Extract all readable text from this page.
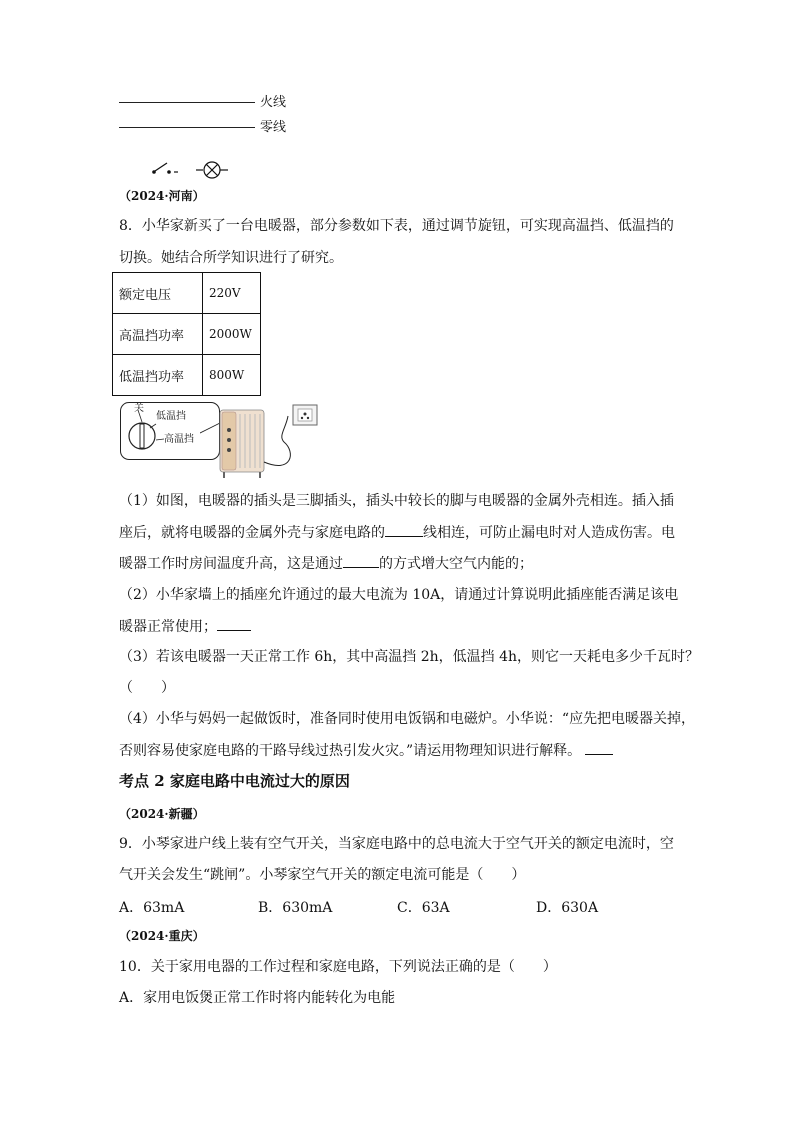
火线
零线
（2024·河南）
8．小华家新买了一台电暖器，部分参数如下表，通过调节旋钮，可实现高温挡、低温挡的
切换。她结合所学知识进行了研究。
额定电压	220V
高温挡功率	2000W
低温挡功率	800W
关
低温挡
高温挡
（1）如图，电暖器的插头是三脚插头，插头中较长的脚与电暖器的金属外壳相连。插入插
座后，就将电暖器的金属外壳与家庭电路的	线相连，可防止漏电时对人造成伤害。电
暖器工作时房间温度升高，这是通过	的方式增大空气内能的；
（2）小华家墙上的插座允许通过的最大电流为 10A，请通过计算说明此插座能否满足该电
暖器正常使用；
（3）若该电暖器一天正常工作 6h，其中高温挡 2h，低温挡 4h，则它一天耗电多少千瓦时？
（　　）
（4）小华与妈妈一起做饭时，准备同时使用电饭锅和电磁炉。小华说：“应先把电暖器关掉，
否则容易使家庭电路的干路导线过热引发火灾。”请运用物理知识进行解释。
考点 2 家庭电路中电流过大的原因
（2024·新疆）
9．小琴家进户线上装有空气开关，当家庭电路中的总电流大于空气开关的额定电流时，空
气开关会发生“跳闸”。小琴家空气开关的额定电流可能是（　　）
A．63mA	B．630mA	C．63A	D．630A
（2024·重庆）
10．关于家用电器的工作过程和家庭电路，下列说法正确的是（　　）
A．家用电饭煲正常工作时将内能转化为电能
